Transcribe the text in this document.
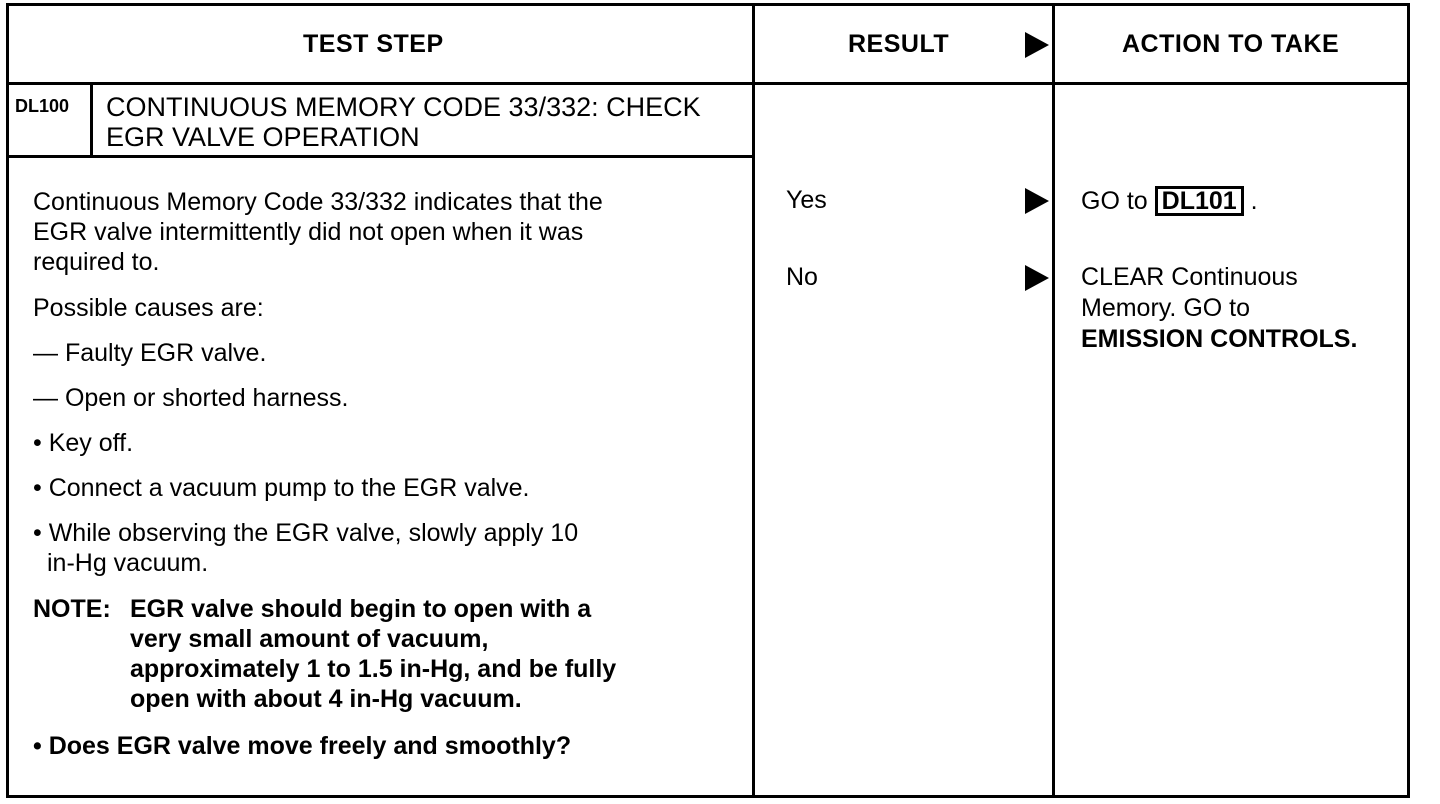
TEST STEP	RESULT	ACTION TO TAKE
DL100 CONTINUOUS MEMORY CODE 33/332: CHECK
EGR VALVE OPERATION
Continuous Memory Code 33/332 indicates that the
EGR valve intermittently did not open when it was
required to.
Possible causes are:
— Faulty EGR valve.
— Open or shorted harness.
• Key off.
• Connect a vacuum pump to the EGR valve.
• While observing the EGR valve, slowly apply 10
in-Hg vacuum.
NOTE: EGR valve should begin to open with a
very small amount of vacuum,
approximately 1 to 1.5 in-Hg, and be fully
open with about 4 in-Hg vacuum.
• Does EGR valve move freely and smoothly?
Yes
No
GO to DL101 .
CLEAR Continuous
Memory. GO to
EMISSION CONTROLS.
